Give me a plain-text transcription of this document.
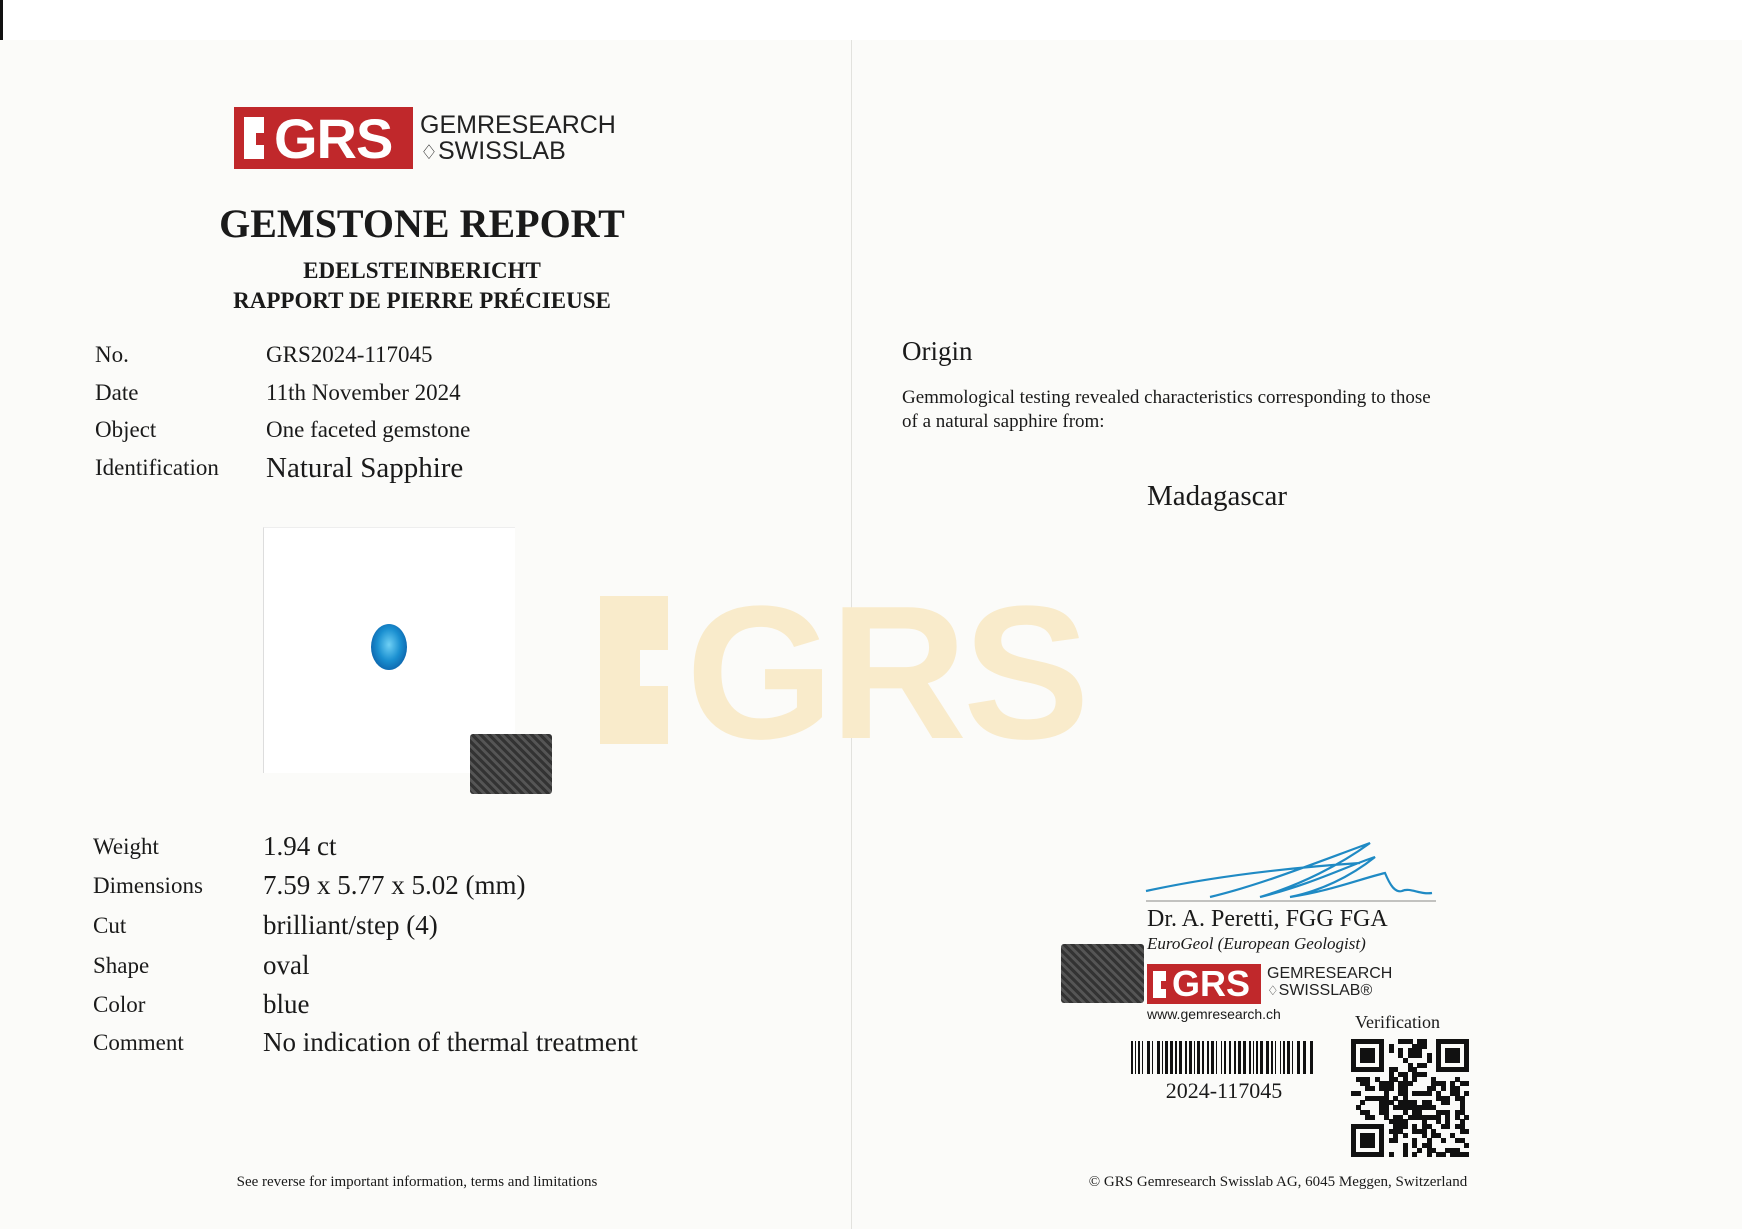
GRS
GRS GEMRESEARCH
♢SWISSLAB
GEMSTONE REPORT
EDELSTEINBERICHT
RAPPORT DE PIERRE PRÉCIEUSE
No.	GRS2024-117045
Date	11th November 2024
Object	One faceted gemstone
Identification Natural Sapphire
Weight	1.94 ct
Dimensions 7.59 x 5.77 x 5.02 (mm)
Cut	brilliant/step (4)
Shape	oval
Color	blue
Comment	No indication of thermal treatment
See reverse for important information, terms and limitations
Origin
Gemmological testing revealed characteristics corresponding to those
of a natural sapphire from:
Madagascar
Dr. A. Peretti, FGG FGA
EuroGeol (European Geologist)
GRS GEMRESEARCH
♢SWISSLAB®
www.gemresearch.ch	Verification
2024-117045
© GRS Gemresearch Swisslab AG, 6045 Meggen, Switzerland
